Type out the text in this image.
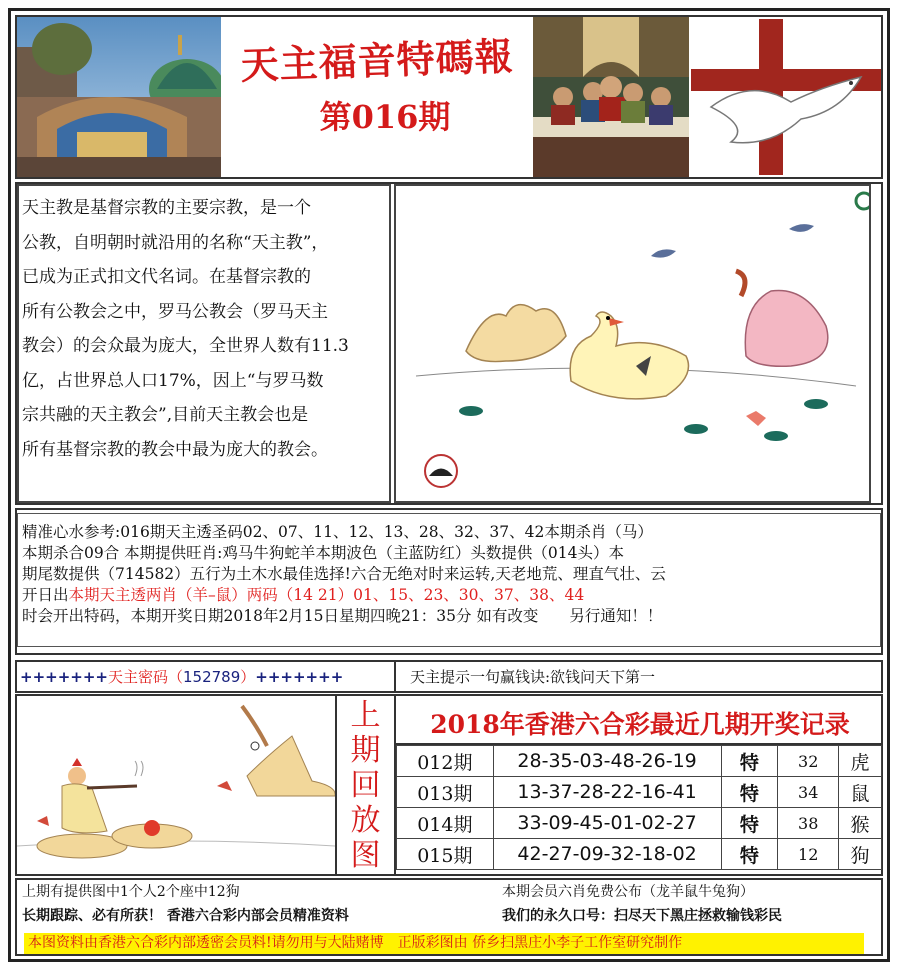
天主福音特碼報
第016期

天主教是基督宗教的主要宗教，是一个

公教，自明朝时就沿用的名称“天主教”，

已成为正式扣文代名词。在基督宗教的

所有公教会之中，罗马公教会（罗马天主

教会）的会众最为庞大，全世界人数有11.3

亿，占世界总人口17%，因上“与罗马数

宗共融的天主教会”,目前天主教会也是

所有基督宗教的教会中最为庞大的教会。

精准心水参考:016期天主透圣码02、07、11、12、13、28、32、37、42本期杀肖（马）

本期杀合09合 本期提供旺肖:鸡马牛狗蛇羊本期波色（主蓝防红）头数提供（014头）本

期尾数提供（714582）五行为土木水最佳选择!六合无绝对时来运转,天老地荒、理直气壮、云

开日出本期天主透两肖（羊–鼠）两码（14 21）01、15、23、30、37、38、44

时会开出特码，本期开奖日期2018年2月15日星期四晚21：35分 如有改变　　另行通知！！

+++++++天主密码（152789）+++++++	天主提示一句赢钱诀:欲钱问天下第一
上
期
回
放
图
2018年香港六合彩最近几期开奖记录
012期	28-35-03-48-26-19	特	32	虎
013期	13-37-28-22-16-41	特	34	鼠
014期	33-09-45-01-02-27	特	38	猴
015期	42-27-09-32-18-02	特	12	狗

上期有提供图中1个人2个座中12狗	本期会员六肖免费公布（龙羊鼠牛兔狗）

长期跟踪、必有所获！ 香港六合彩内部会员精准资料	我们的永久口号：扫尽天下黑庄拯救输钱彩民

本图资料由香港六合彩内部透密会员料!请勿用与大陆赌博　正版彩图由 侨乡扫黑庄小李子工作室研究制作
